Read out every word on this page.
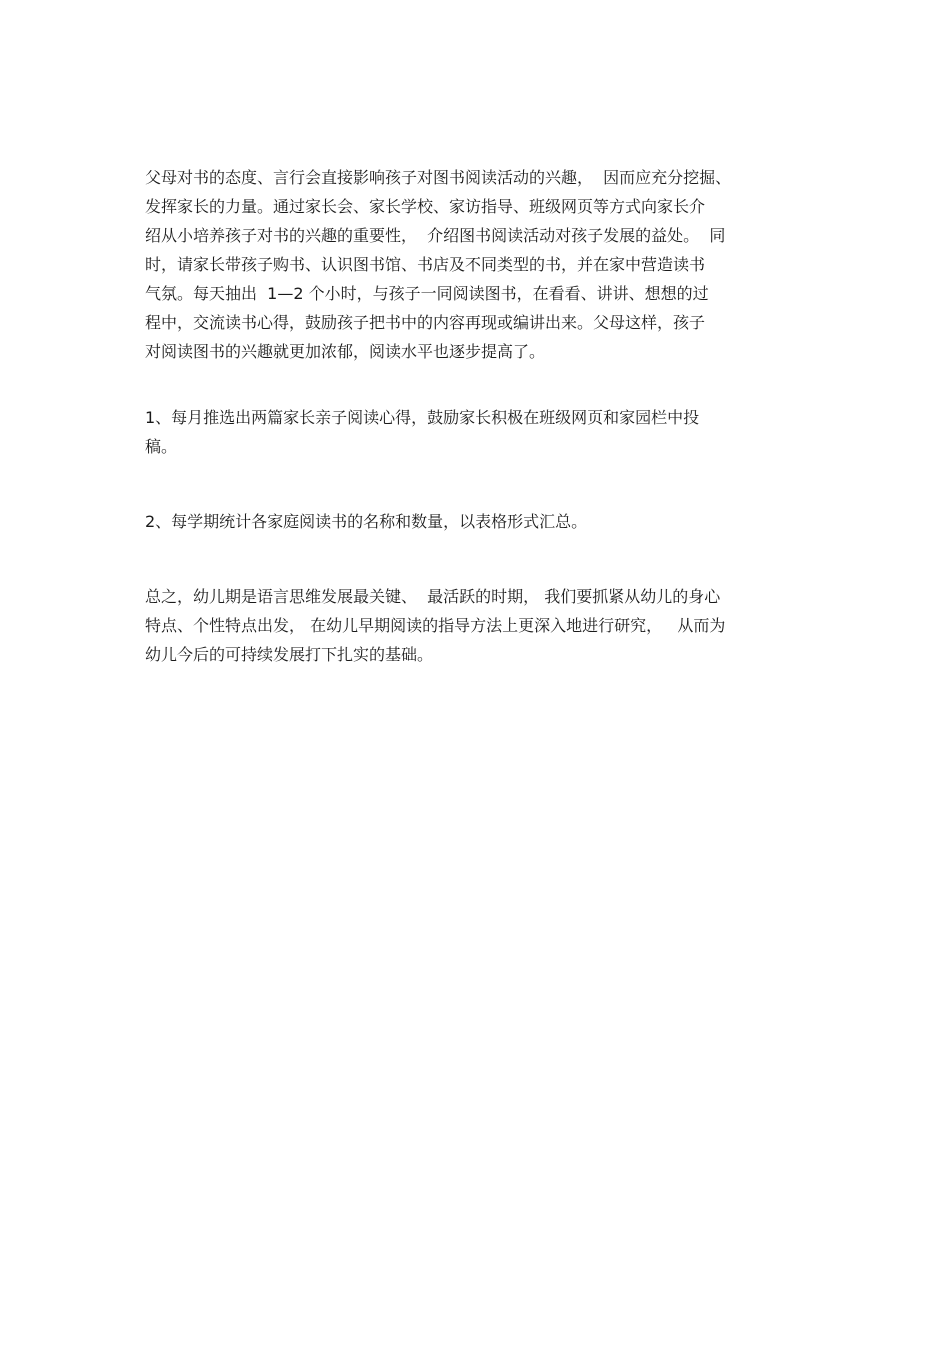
父母对书的态度、言行会直接影响孩子对图书阅读活动的兴趣，  因而应充分挖掘、
发挥家长的力量。通过家长会、家长学校、家访指导、班级网页等方式向家长介
绍从小培养孩子对书的兴趣的重要性，  介绍图书阅读活动对孩子发展的益处。  同
时，请家长带孩子购书、认识图书馆、书店及不同类型的书，并在家中营造读书
气氛。每天抽出  1—2 个小时，与孩子一同阅读图书，在看看、讲讲、想想的过
程中，交流读书心得，鼓励孩子把书中的内容再现或编讲出来。父母这样，孩子
对阅读图书的兴趣就更加浓郁，阅读水平也逐步提高了。
1、每月推选出两篇家长亲子阅读心得，鼓励家长积极在班级网页和家园栏中投
稿。
2、每学期统计各家庭阅读书的名称和数量，以表格形式汇总。
总之，幼儿期是语言思维发展最关键、  最活跃的时期， 我们要抓紧从幼儿的身心
特点、个性特点出发， 在幼儿早期阅读的指导方法上更深入地进行研究，   从而为
幼儿今后的可持续发展打下扎实的基础。
